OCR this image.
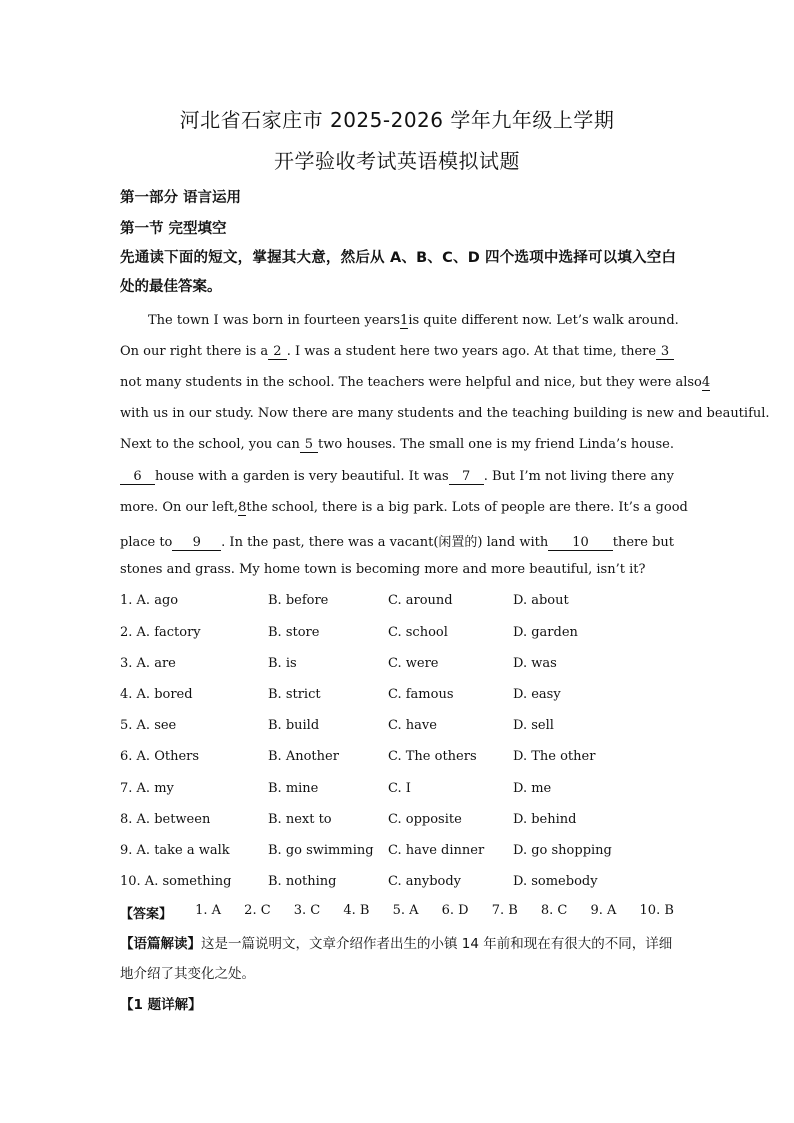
河北省石家庄市 2025-2026 学年九年级上学期
开学验收考试英语模拟试题
第一部分 语言运用
第一节 完型填空
先通读下面的短文，掌握其大意，然后从 A、B、C、D 四个选项中选择可以填入空白处的最佳答案。
The town I was born in fourteen years 1 is quite different now. Let’s walk around.
On our right there is a 2 . I was a student here two years ago. At that time, there 3
not many students in the school. The teachers were helpful and nice, but they were also 4
with us in our study. Now there are many students and the teaching building is new and beautiful.
Next to the school, you can 5 two houses. The small one is my friend Linda’s house.
6	house with a garden is very beautiful. It was	7	. But I’m not living there any
more. On our left, 8 the school, there is a big park. Lots of people are there. It’s a good
place to	9	. In the past, there was a vacant(闲置的) land with	10	there but
stones and grass. My home town is becoming more and more beautiful, isn’t it?
1. A. ago	B. before	C. around	D. about
2. A. factory	B. store	C. school	D. garden
3. A. are	B. is	C. were	D. was
4. A. bored	B. strict	C. famous	D. easy
5. A. see	B. build	C. have	D. sell
6. A. Others	B. Another	C. The others	D. The other
7. A. my	B. mine	C. I	D. me
8. A. between	B. next to	C. opposite	D. behind
9. A. take a walk	B. go swimming C. have dinner D. go shopping
10. A. something	B. nothing	C. anybody	D. somebody
【答案】 1. A 2. C 3. C 4. B 5. A 6. D 7. B 8. C 9. A 10. B
【语篇解读】这是一篇说明文，文章介绍作者出生的小镇 14 年前和现在有很大的不同，详细地介绍了其变化之处。
【1 题详解】
